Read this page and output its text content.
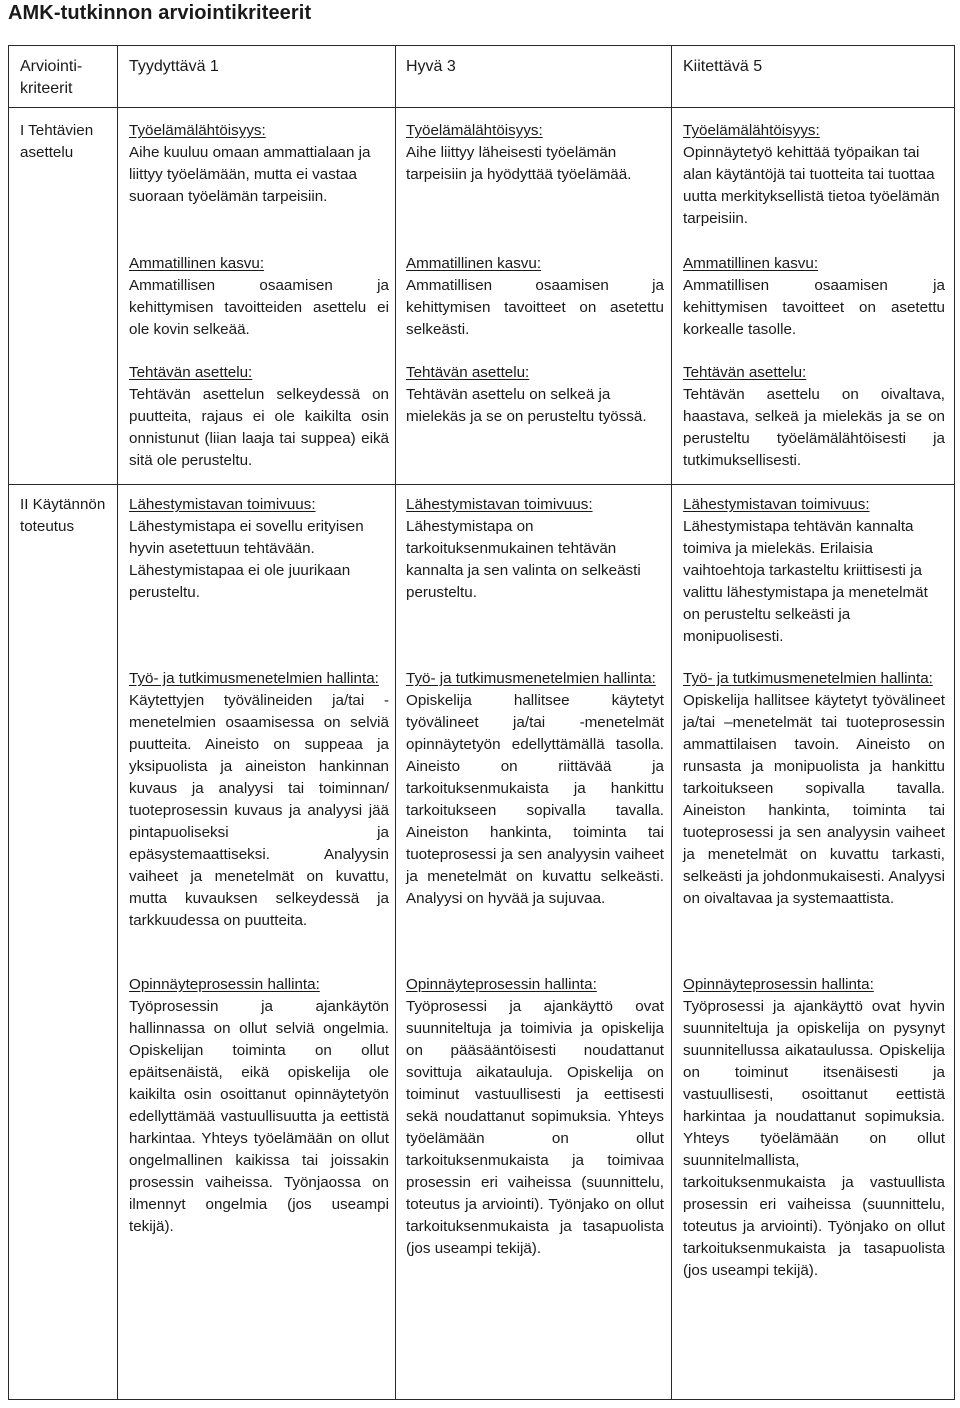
AMK-tutkinnon arviointikriteerit
Arviointi-
kriteerit
Tyydyttävä 1	Hyvä 3	Kiitettävä 5
I Tehtävien
asettelu
II Käytännön
toteutus
Työelämälähtöisyys:
Aihe kuuluu omaan ammattialaan ja liittyy työelämään, mutta ei vastaa suoraan työelämän tarpeisiin.
Työelämälähtöisyys:
Aihe liittyy läheisesti työelämän tarpeisiin ja hyödyttää työelämää.
Työelämälähtöisyys:
Opinnäytetyö kehittää työpaikan tai alan käytäntöjä tai tuotteita tai tuottaa uutta merkityksellistä tietoa työelämän tarpeisiin.
Ammatillinen kasvu:
Ammatillisen osaamisen ja kehittymisen tavoitteiden asettelu ei ole kovin selkeää.
Ammatillinen kasvu:
Ammatillisen osaamisen ja kehittymisen tavoitteet on asetettu selkeästi.
Ammatillinen kasvu:
Ammatillisen osaamisen ja kehittymisen tavoitteet on asetettu korkealle tasolle.
Tehtävän asettelu:
Tehtävän asettelun selkeydessä on puutteita, rajaus ei ole kaikilta osin onnistunut (liian laaja tai suppea) eikä sitä ole perusteltu.
Tehtävän asettelu:
Tehtävän asettelu on selkeä ja mielekäs ja se on perusteltu työssä.
Tehtävän asettelu:
Tehtävän asettelu on oivaltava, haastava, selkeä ja mielekäs ja se on perusteltu työelämälähtöisesti ja tutkimuksellisesti.
Lähestymistavan toimivuus:
Lähestymistapa ei sovellu erityisen hyvin asetettuun tehtävään. Lähestymistapaa ei ole juurikaan perusteltu.
Lähestymistavan toimivuus:
Lähestymistapa on tarkoituksenmukainen tehtävän kannalta ja sen valinta on selkeästi perusteltu.
Lähestymistavan toimivuus:
Lähestymistapa tehtävän kannalta toimiva ja mielekäs. Erilaisia vaihtoehtoja tarkasteltu kriittisesti ja valittu lähestymistapa ja menetelmät on perusteltu selkeästi ja monipuolisesti.
Työ- ja tutkimusmenetelmien hallinta:
Käytettyjen työvälineiden ja/tai -menetelmien osaamisessa on selviä puutteita. Aineisto on suppeaa ja yksipuolista ja aineiston hankinnan kuvaus ja analyysi tai toiminnan/ tuoteprosessin kuvaus ja analyysi jää pintapuoliseksi ja epäsystemaattiseksi. Analyysin vaiheet ja menetelmät on kuvattu, mutta kuvauksen selkeydessä ja tarkkuudessa on puutteita.
Työ- ja tutkimusmenetelmien hallinta:
Opiskelija hallitsee käytetyt työvälineet ja/tai -menetelmät opinnäytetyön edellyttämällä tasolla. Aineisto on riittävää ja tarkoituksenmukaista ja hankittu tarkoitukseen sopivalla tavalla. Aineiston hankinta, toiminta tai tuoteprosessi ja sen analyysin vaiheet ja menetelmät on kuvattu selkeästi. Analyysi on hyvää ja sujuvaa.
Työ- ja tutkimusmenetelmien hallinta:
Opiskelija hallitsee käytetyt työvälineet ja/tai –menetelmät tai tuoteprosessin ammattilaisen tavoin. Aineisto on runsasta ja monipuolista ja hankittu tarkoitukseen sopivalla tavalla. Aineiston hankinta, toiminta tai tuoteprosessi ja sen analyysin vaiheet ja menetelmät on kuvattu tarkasti, selkeästi ja johdonmukaisesti. Analyysi on oivaltavaa ja systemaattista.
Opinnäyteprosessin hallinta:
Työprosessin ja ajankäytön hallinnassa on ollut selviä ongelmia. Opiskelijan toiminta on ollut epäitsenäistä, eikä opiskelija ole kaikilta osin osoittanut opinnäytetyön edellyttämää vastuullisuutta ja eettistä harkintaa. Yhteys työelämään on ollut ongelmallinen kaikissa tai joissakin prosessin vaiheissa. Työnjaossa on ilmennyt ongelmia (jos useampi tekijä).
Opinnäyteprosessin hallinta:
Työprosessi ja ajankäyttö ovat suunniteltuja ja toimivia ja opiskelija on pääsääntöisesti noudattanut sovittuja aikatauluja. Opiskelija on toiminut vastuullisesti ja eettisesti sekä noudattanut sopimuksia. Yhteys työelämään on ollut tarkoituksenmukaista ja toimivaa prosessin eri vaiheissa (suunnittelu, toteutus ja arviointi). Työnjako on ollut tarkoituksenmukaista ja tasapuolista (jos useampi tekijä).
Opinnäyteprosessin hallinta:
Työprosessi ja ajankäyttö ovat hyvin suunniteltuja ja opiskelija on pysynyt suunnitellussa aikataulussa. Opiskelija on toiminut itsenäisesti ja vastuullisesti, osoittanut eettistä harkintaa ja noudattanut sopimuksia. Yhteys työelämään on ollut suunnitelmallista, tarkoituksenmukaista ja vastuullista prosessin eri vaiheissa (suunnittelu, toteutus ja arviointi). Työnjako on ollut tarkoituksenmukaista ja tasapuolista (jos useampi tekijä).
